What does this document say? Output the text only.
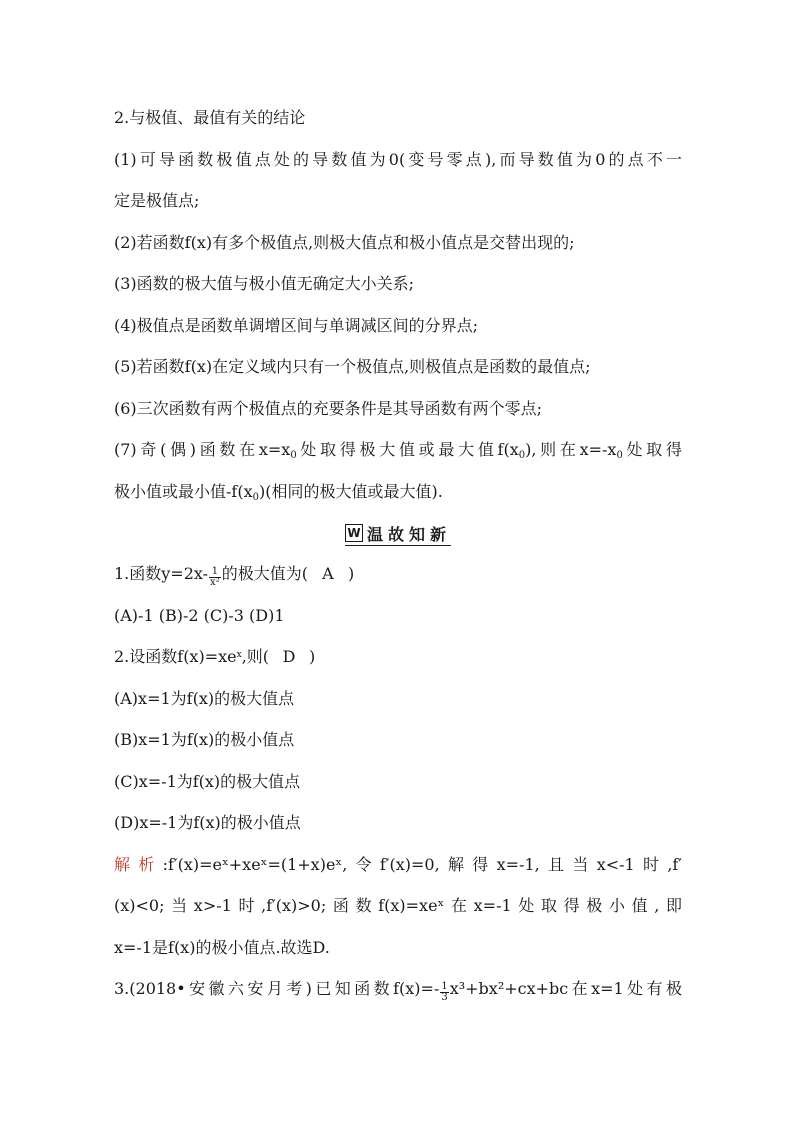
2.与极值、最值有关的结论
(1)可导函数极值点处的导数值为0(变号零点),而导数值为0的点不一
定是极值点;
(2)若函数f(x)有多个极值点,则极大值点和极小值点是交替出现的;
(3)函数的极大值与极小值无确定大小关系;
(4)极值点是函数单调增区间与单调减区间的分界点;
(5)若函数f(x)在定义域内只有一个极值点,则极值点是函数的最值点;
(6)三次函数有两个极值点的充要条件是其导函数有两个零点;
(7)奇(偶)函数在$x=x_0$处取得极大值或最大值$f(x_0)$,则在$x=-x_0$处取得
极小值或最小值$-f(x_0)$(相同的极大值或最大值).
W 温故知新
1.函数$y=2x- \frac{1}{\text{x²}}$ 的极大值为( A )
(A)-1 (B)-2 (C)-3 (D)1
2.设函数$f(x)=xe^x$,则( D )
(A)x=1为f(x)的极大值点
(B)x=1为f(x)的极小值点
(C)x=-1为f(x)的极大值点
(D)x=-1为f(x)的极小值点
解析:f′(x)=eˣ+xeˣ=(1+x)eˣ,令f′(x)=0,解得x=-1,且当x<-1时,f′
(x)<0;当x>-1时,f′(x)>0;函数f(x)=xeˣ在x=-1处取得极小值,即
x=-1是f(x)的极小值点.故选D.
3.(2018•安徽六安月考)已知函数$f(x)=- \frac{1}{3} x^3+bx^2+cx+bc$在x=1处有极
